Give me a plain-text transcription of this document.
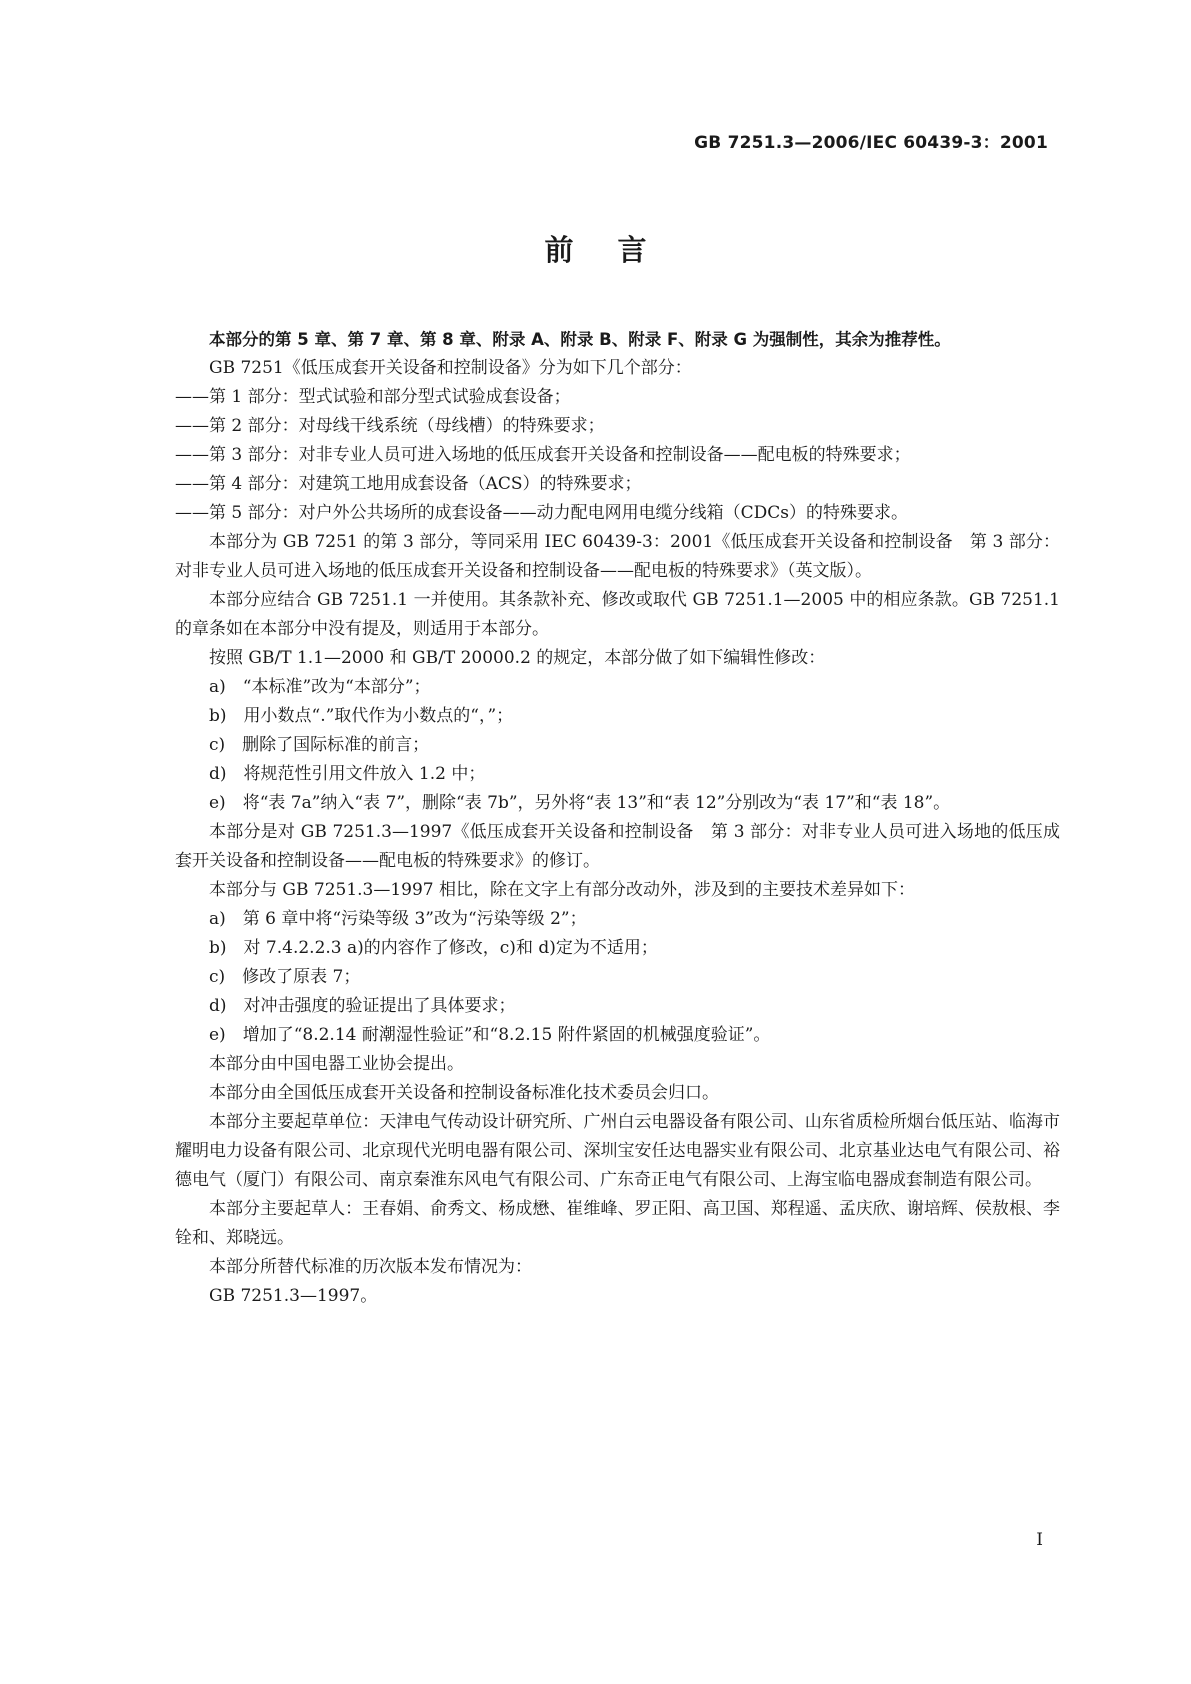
GB 7251.3—2006/IEC 60439-3：2001
前言

本部分的第 5 章、第 7 章、第 8 章、附录 A、附录 B、附录 F、附录 G 为强制性，其余为推荐性。

GB 7251《低压成套开关设备和控制设备》分为如下几个部分：

——第 1 部分：型式试验和部分型式试验成套设备；

——第 2 部分：对母线干线系统（母线槽）的特殊要求；

——第 3 部分：对非专业人员可进入场地的低压成套开关设备和控制设备——配电板的特殊要求；

——第 4 部分：对建筑工地用成套设备（ACS）的特殊要求；

——第 5 部分：对户外公共场所的成套设备——动力配电网用电缆分线箱（CDCs）的特殊要求。

本部分为 GB 7251 的第 3 部分，等同采用 IEC 60439-3：2001《低压成套开关设备和控制设备　第 3 部分：对非专业人员可进入场地的低压成套开关设备和控制设备——配电板的特殊要求》（英文版）。

本部分应结合 GB 7251.1 一并使用。其条款补充、修改或取代 GB 7251.1—2005 中的相应条款。GB 7251.1 的章条如在本部分中没有提及，则适用于本部分。

按照 GB/T 1.1—2000 和 GB/T 20000.2 的规定，本部分做了如下编辑性修改：

a)　“本标准”改为“本部分”；

b)　用小数点“.”取代作为小数点的“，”；

c)　删除了国际标准的前言；

d)　将规范性引用文件放入 1.2 中；

e)　将“表 7a”纳入“表 7”，删除“表 7b”，另外将“表 13”和“表 12”分别改为“表 17”和“表 18”。

本部分是对 GB 7251.3—1997《低压成套开关设备和控制设备　第 3 部分：对非专业人员可进入场地的低压成套开关设备和控制设备——配电板的特殊要求》的修订。

本部分与 GB 7251.3—1997 相比，除在文字上有部分改动外，涉及到的主要技术差异如下：

a)　第 6 章中将“污染等级 3”改为“污染等级 2”；

b)　对 7.4.2.2.3 a)的内容作了修改，c)和 d)定为不适用；

c)　修改了原表 7；

d)　对冲击强度的验证提出了具体要求；

e)　增加了“8.2.14 耐潮湿性验证”和“8.2.15 附件紧固的机械强度验证”。

本部分由中国电器工业协会提出。

本部分由全国低压成套开关设备和控制设备标准化技术委员会归口。

本部分主要起草单位：天津电气传动设计研究所、广州白云电器设备有限公司、山东省质检所烟台低压站、临海市耀明电力设备有限公司、北京现代光明电器有限公司、深圳宝安任达电器实业有限公司、北京基业达电气有限公司、裕德电气（厦门）有限公司、南京秦淮东风电气有限公司、广东奇正电气有限公司、上海宝临电器成套制造有限公司。

本部分主要起草人：王春娟、俞秀文、杨成懋、崔维峰、罗正阳、高卫国、郑程遥、孟庆欣、谢培辉、侯敖根、李铨和、郑晓远。

本部分所替代标准的历次版本发布情况为：

GB 7251.3—1997。

I
